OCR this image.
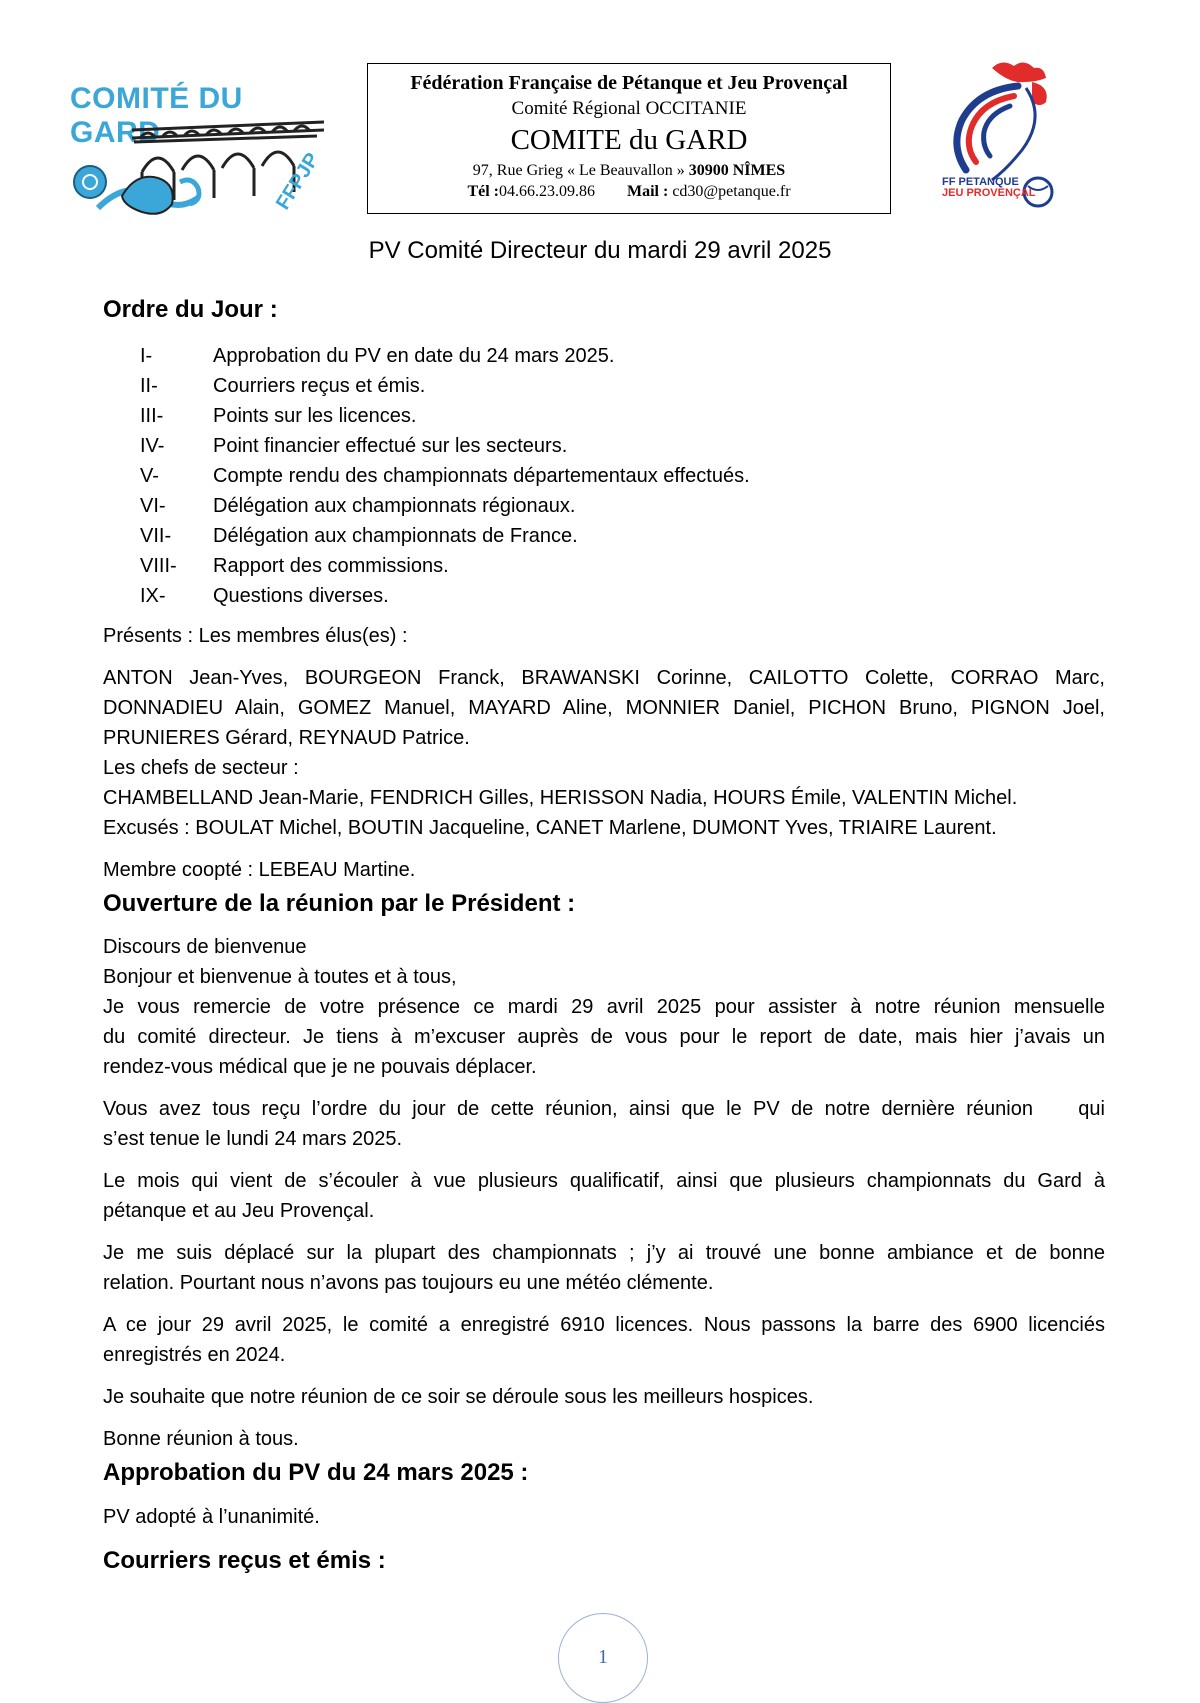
COMITÉ DU GARD
FFPJP
Fédération Française de Pétanque et Jeu Provençal
Comité Régional OCCITANIE
COMITE du GARD
97, Rue Grieg « Le Beauvallon » 30900 NÎMES
Tél :04.66.23.09.86 Mail : cd30@petanque.fr
FF PETANQUE
JEU PROVENÇAL
PV Comité Directeur du mardi 29 avril 2025
Ordre du Jour :
I-	Approbation du PV en date du 24 mars 2025.
II-	Courriers reçus et émis.
III-	Points sur les licences.
IV-	Point financier effectué sur les secteurs.
V-	Compte rendu des championnats départementaux effectués.
VI-	Délégation aux championnats régionaux.
VII-	Délégation aux championnats de France.
VIII-	Rapport des commissions.
IX-	Questions diverses.
Présents : Les membres élus(es) :
ANTON Jean-Yves, BOURGEON Franck, BRAWANSKI Corinne, CAILOTTO Colette, CORRAO Marc,
DONNADIEU Alain, GOMEZ Manuel, MAYARD Aline, MONNIER Daniel, PICHON Bruno, PIGNON Joel,
PRUNIERES Gérard, REYNAUD Patrice.
Les chefs de secteur :
CHAMBELLAND Jean-Marie, FENDRICH Gilles, HERISSON Nadia, HOURS Émile, VALENTIN Michel.
Excusés : BOULAT Michel, BOUTIN Jacqueline, CANET Marlene, DUMONT Yves, TRIAIRE Laurent.
Membre coopté : LEBEAU Martine.
Ouverture de la réunion par le Président :
Discours de bienvenue
Bonjour et bienvenue à toutes et à tous,
Je vous remercie de votre présence ce mardi 29 avril 2025 pour assister à notre réunion mensuelle
du comité directeur. Je tiens à m’excuser auprès de vous pour le report de date, mais hier j’avais un
rendez-vous médical que je ne pouvais déplacer.
Vous avez tous reçu l’ordre du jour de cette réunion, ainsi que le PV de notre dernière réunion    qui
s’est tenue le lundi 24 mars 2025.
Le mois qui vient de s’écouler à vue plusieurs qualificatif, ainsi que plusieurs championnats du Gard à
pétanque et au Jeu Provençal.
Je me suis déplacé sur la plupart des championnats ; j’y ai trouvé une bonne ambiance et de bonne
relation. Pourtant nous n’avons pas toujours eu une météo clémente.
A ce jour 29 avril 2025, le comité a enregistré 6910 licences. Nous passons la barre des 6900 licenciés
enregistrés en 2024.
Je souhaite que notre réunion de ce soir se déroule sous les meilleurs hospices.
Bonne réunion à tous.
Approbation du PV du 24 mars 2025 :
PV adopté à l’unanimité.
Courriers reçus et émis :
1
